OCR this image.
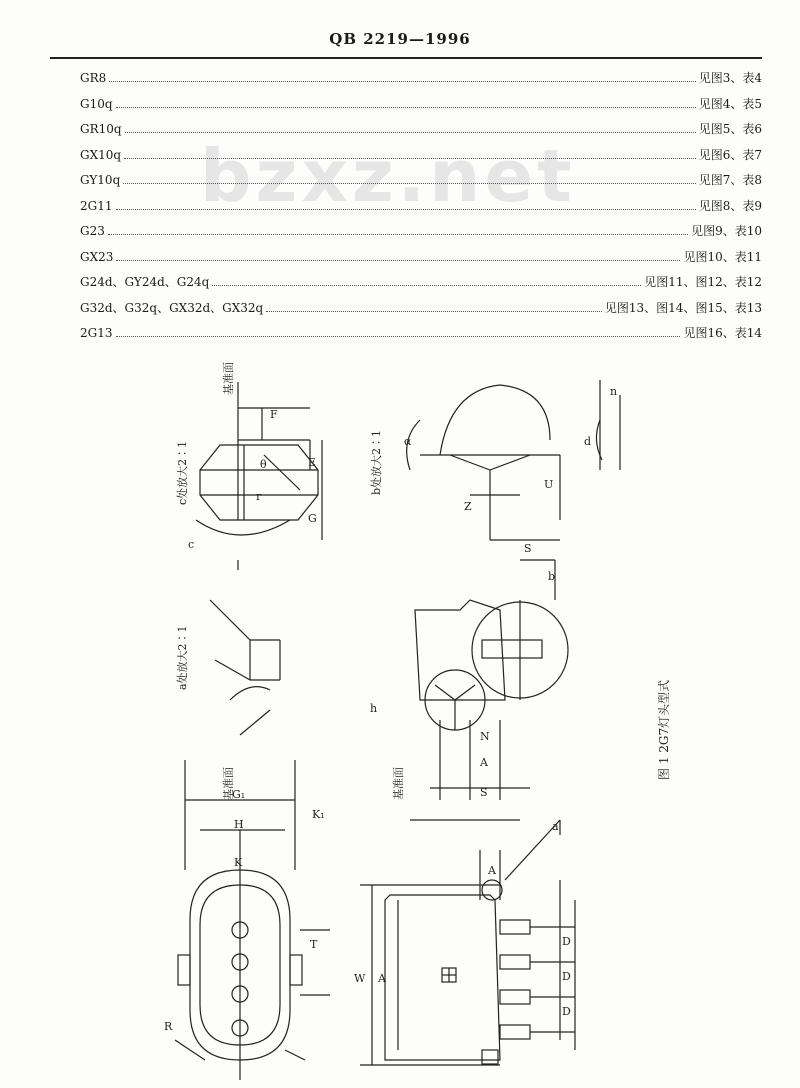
QB 2219—1996
bzxz.net
GR8	见图3、表4
G10q	见图4、表5
GR10q	见图5、表6
GX10q	见图6、表7
GY10q	见图7、表8
2G11	见图8、表9
G23	见图9、表10
GX23	见图10、表11
G24d、GY24d、G24q	见图11、图12、表12
G32d、G32q、GX32d、GX32q	见图13、图14、图15、表13
2G13	见图16、表14
基准面
c处放大2∶1	b处放大2∶1
a处放大2∶1
基准面	基准面
图 1 2G7灯头型式
c
F
E
θ
r
G
α
n
d
Z
U
S
b
h
N
A
S
a
A
G₁
H
K₁
K
T
R
W A
D
D
D
